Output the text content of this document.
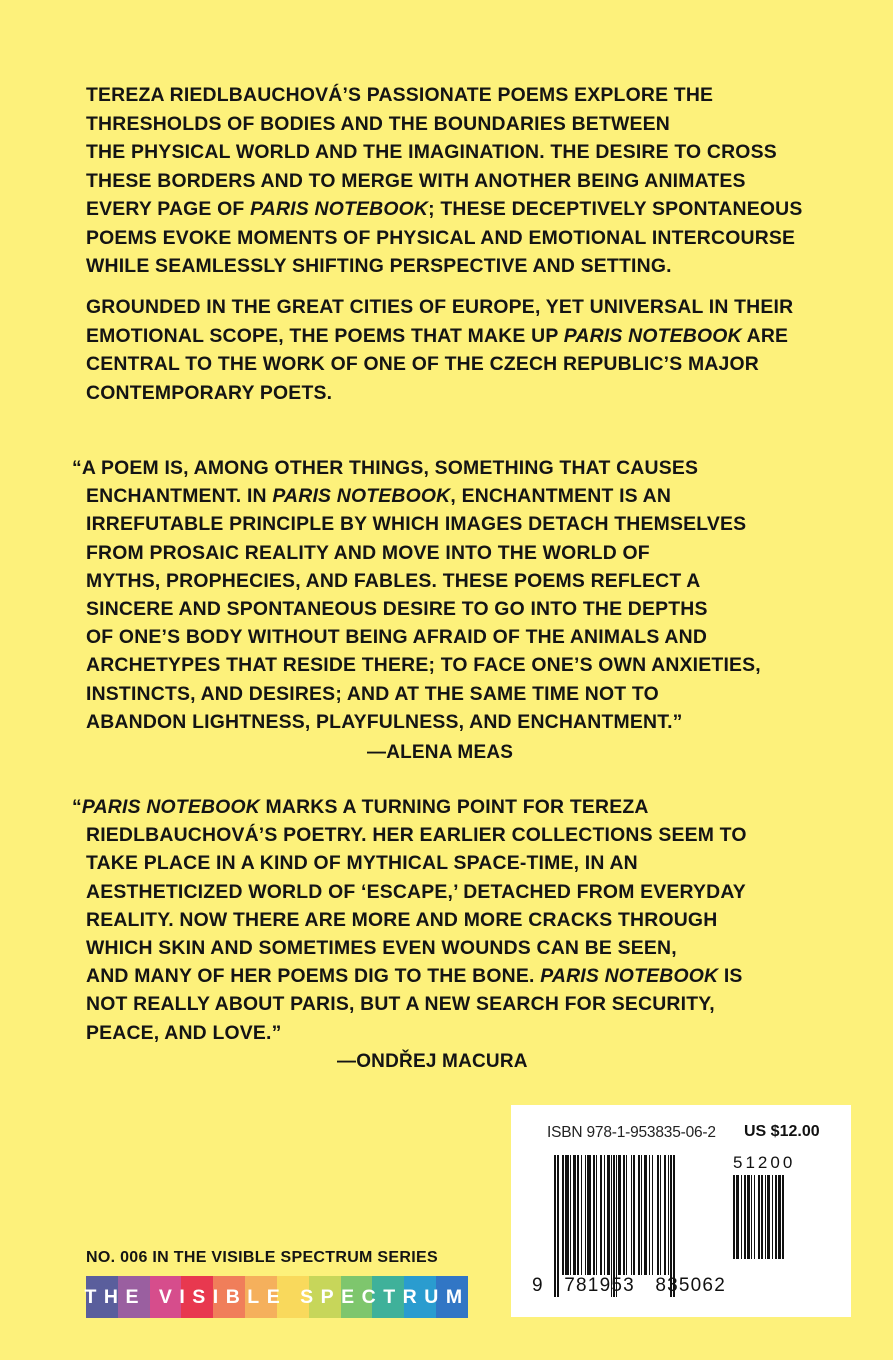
TEREZA RIEDLBAUCHOVÁ’S PASSIONATE POEMS EXPLORE THE
THRESHOLDS OF BODIES AND THE BOUNDARIES BETWEEN
THE PHYSICAL WORLD AND THE IMAGINATION. THE DESIRE TO CROSS
THESE BORDERS AND TO MERGE WITH ANOTHER BEING ANIMATES
EVERY PAGE OF PARIS NOTEBOOK; THESE DECEPTIVELY SPONTANEOUS
POEMS EVOKE MOMENTS OF PHYSICAL AND EMOTIONAL INTERCOURSE
WHILE SEAMLESSLY SHIFTING PERSPECTIVE AND SETTING.
GROUNDED IN THE GREAT CITIES OF EUROPE, YET UNIVERSAL IN THEIR
EMOTIONAL SCOPE, THE POEMS THAT MAKE UP PARIS NOTEBOOK ARE
CENTRAL TO THE WORK OF ONE OF THE CZECH REPUBLIC’S MAJOR
CONTEMPORARY POETS.

“A POEM IS, AMONG OTHER THINGS, SOMETHING THAT CAUSES
ENCHANTMENT. IN PARIS NOTEBOOK, ENCHANTMENT IS AN
IRREFUTABLE PRINCIPLE BY WHICH IMAGES DETACH THEMSELVES
FROM PROSAIC REALITY AND MOVE INTO THE WORLD OF
MYTHS, PROPHECIES, AND FABLES. THESE POEMS REFLECT A
SINCERE AND SPONTANEOUS DESIRE TO GO INTO THE DEPTHS
OF ONE’S BODY WITHOUT BEING AFRAID OF THE ANIMALS AND
ARCHETYPES THAT RESIDE THERE; TO FACE ONE’S OWN ANXIETIES,
INSTINCTS, AND DESIRES; AND AT THE SAME TIME NOT TO
ABANDON LIGHTNESS, PLAYFULNESS, AND ENCHANTMENT.”

—ALENA MEAS

“PARIS NOTEBOOK MARKS A TURNING POINT FOR TEREZA
RIEDLBAUCHOVÁ’S POETRY. HER EARLIER COLLECTIONS SEEM TO
TAKE PLACE IN A KIND OF MYTHICAL SPACE-TIME, IN AN
AESTHETICIZED WORLD OF ‘ESCAPE,’ DETACHED FROM EVERYDAY
REALITY. NOW THERE ARE MORE AND MORE CRACKS THROUGH
WHICH SKIN AND SOMETIMES EVEN WOUNDS CAN BE SEEN,
AND MANY OF HER POEMS DIG TO THE BONE. PARIS NOTEBOOK IS
NOT REALLY ABOUT PARIS, BUT A NEW SEARCH FOR SECURITY,
PEACE, AND LOVE.”

—ONDŘEJ MACURA
ISBN 978-1-953835-06-2 US $12.00
51200
9 781953 835062
NO. 006 IN THE VISIBLE SPECTRUM SERIES
THE VISIBLE SPECTRUM
